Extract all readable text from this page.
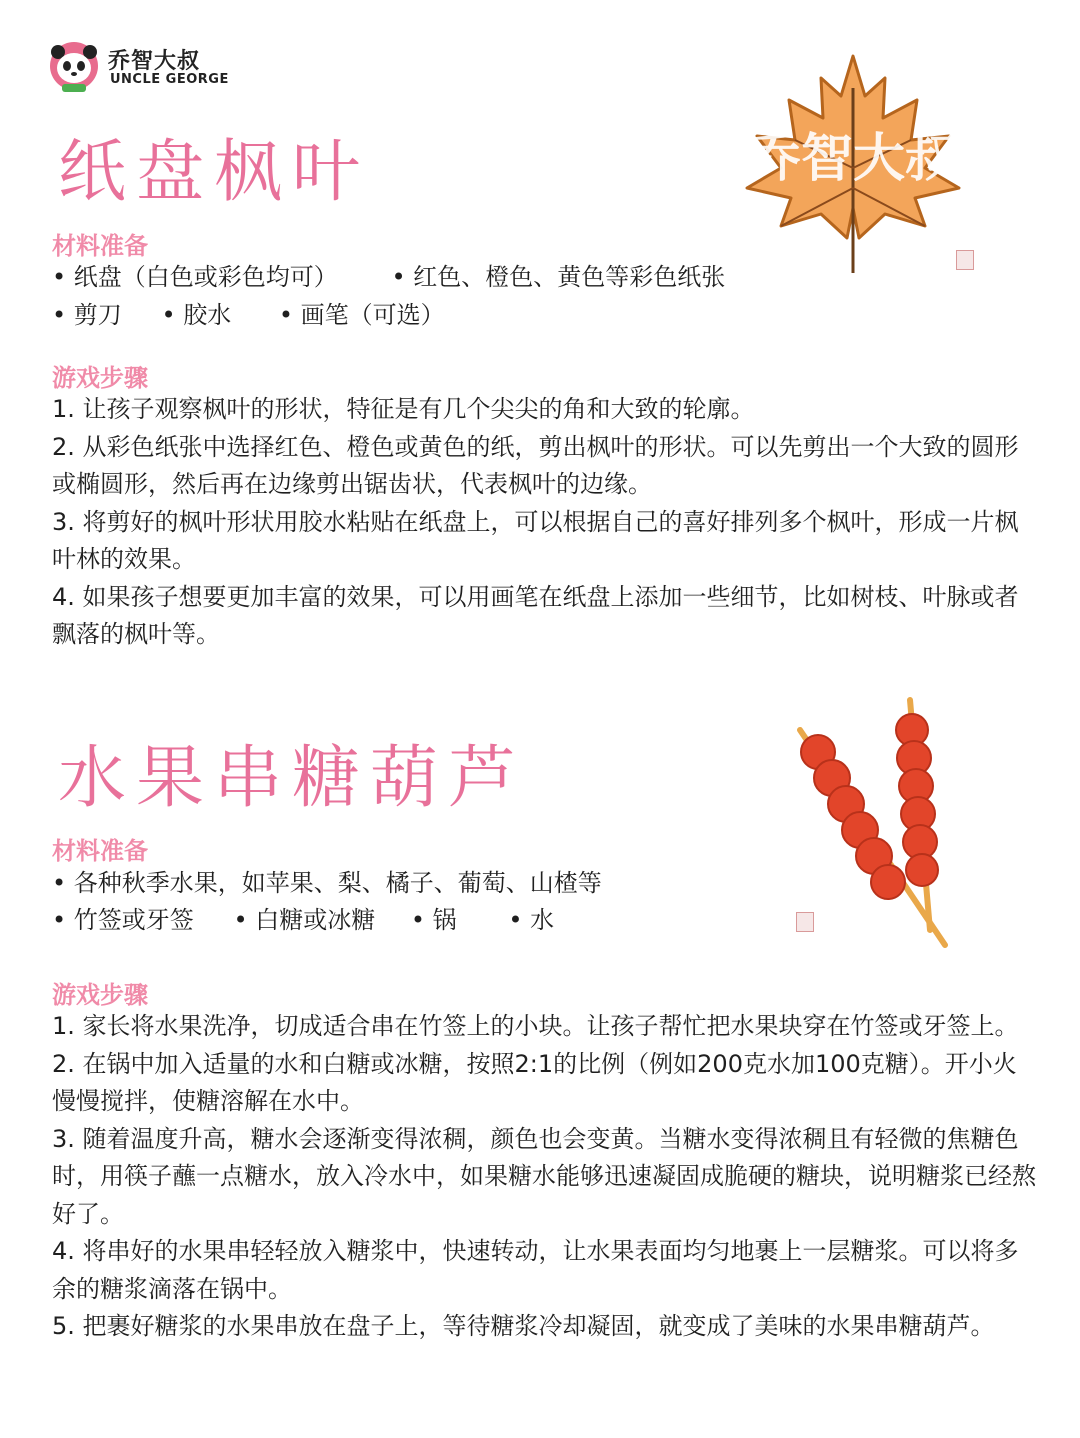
乔智大叔
UNCLE GEORGE
纸盘枫叶	乔智大叔
材料准备
• 纸盘（白色或彩色均可）	• 红色、橙色、黄色等彩色纸张
• 剪刀	• 胶水	• 画笔（可选）
游戏步骤

1. 让孩子观察枫叶的形状，特征是有几个尖尖的角和大致的轮廓。

2. 从彩色纸张中选择红色、橙色或黄色的纸，剪出枫叶的形状。可以先剪出一个大致的圆形或椭圆形，然后再在边缘剪出锯齿状，代表枫叶的边缘。

3. 将剪好的枫叶形状用胶水粘贴在纸盘上，可以根据自己的喜好排列多个枫叶，形成一片枫叶林的效果。

4. 如果孩子想要更加丰富的效果，可以用画笔在纸盘上添加一些细节，比如树枝、叶脉或者飘落的枫叶等。

水果串糖葫芦
材料准备
• 各种秋季水果，如苹果、梨、橘子、葡萄、山楂等
• 竹签或牙签	• 白糖或冰糖 • 锅	• 水
游戏步骤

1. 家长将水果洗净，切成适合串在竹签上的小块。让孩子帮忙把水果块穿在竹签或牙签上。

2. 在锅中加入适量的水和白糖或冰糖，按照2:1的比例（例如200克水加100克糖）。开小火慢慢搅拌，使糖溶解在水中。

3. 随着温度升高，糖水会逐渐变得浓稠，颜色也会变黄。当糖水变得浓稠且有轻微的焦糖色时，用筷子蘸一点糖水，放入冷水中，如果糖水能够迅速凝固成脆硬的糖块，说明糖浆已经熬好了。

4. 将串好的水果串轻轻放入糖浆中，快速转动，让水果表面均匀地裹上一层糖浆。可以将多余的糖浆滴落在锅中。

5. 把裹好糖浆的水果串放在盘子上，等待糖浆冷却凝固，就变成了美味的水果串糖葫芦。
